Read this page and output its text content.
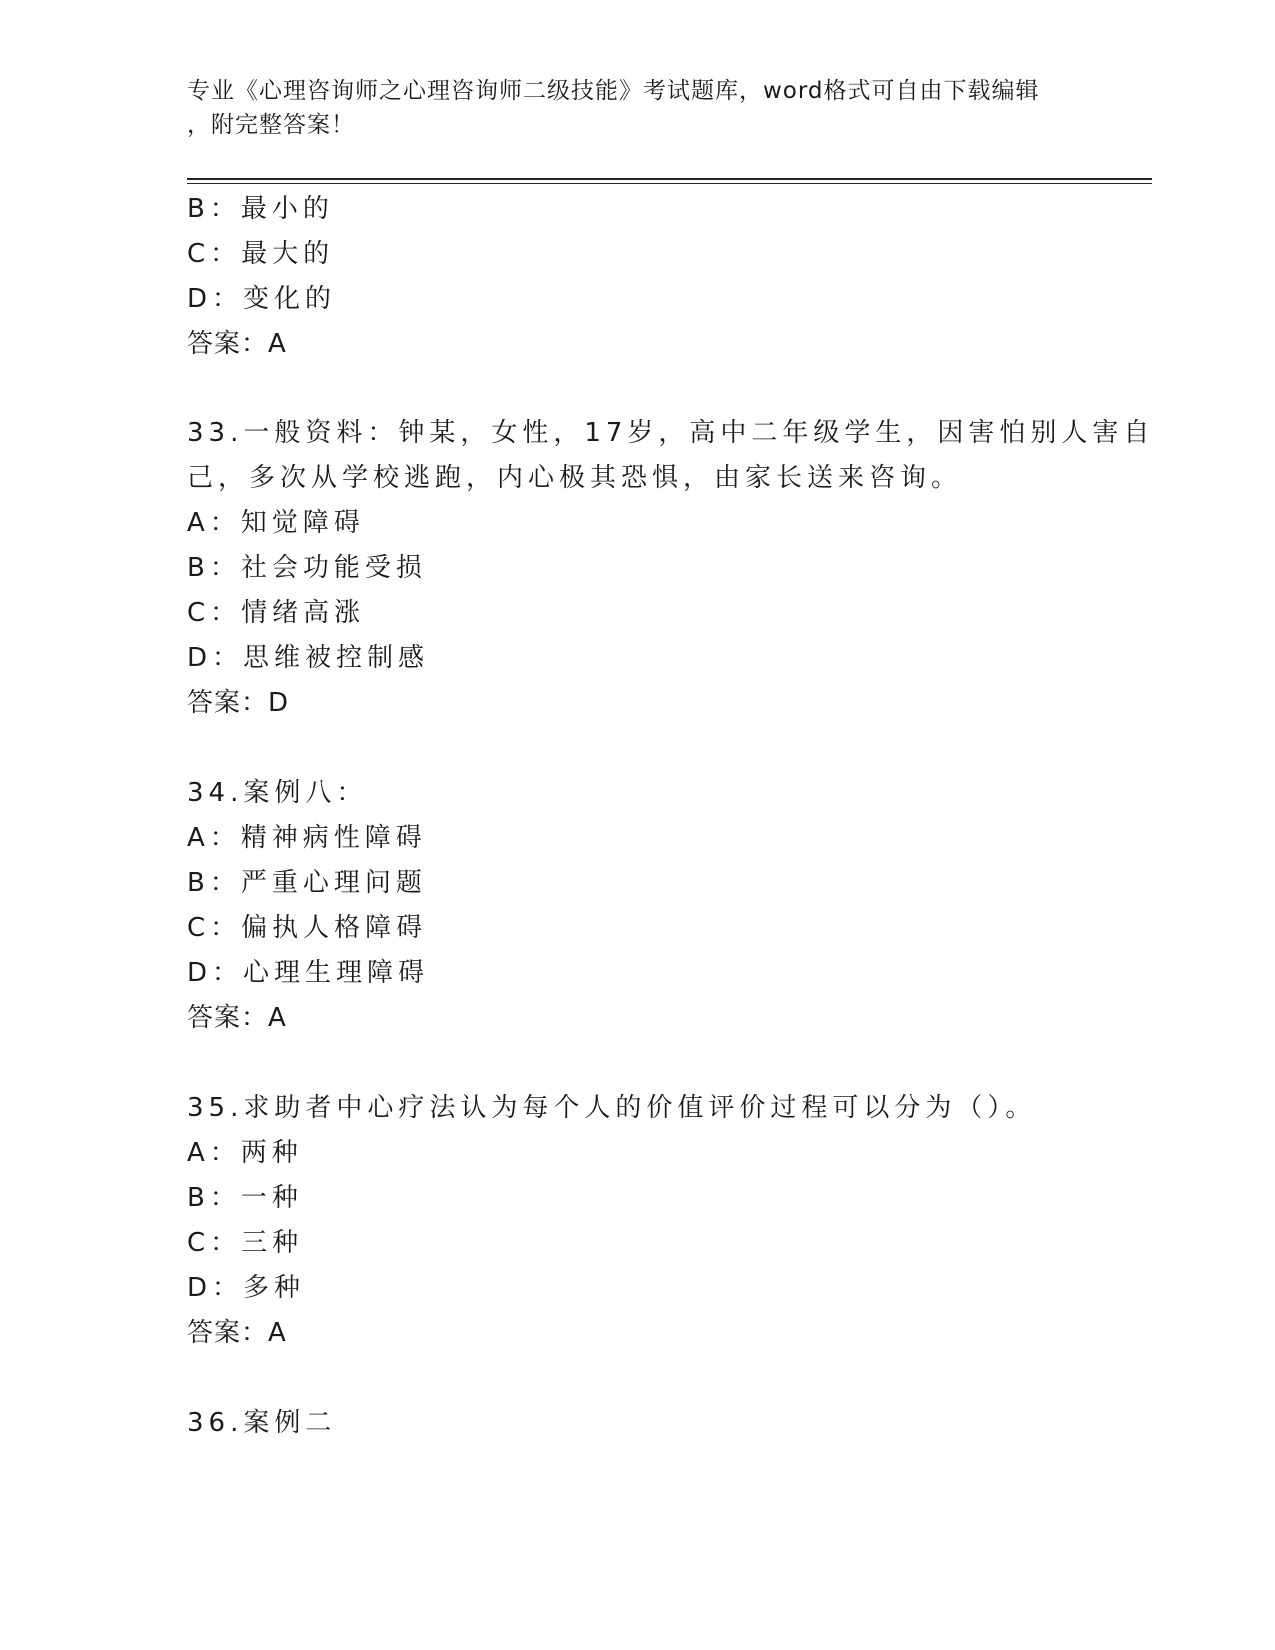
专业《心理咨询师之心理咨询师二级技能》考试题库，word格式可自由下载编辑
，附完整答案！
B：最小的
C：最大的
D：变化的
答案：A
33.一般资料：钟某，女性，17岁，高中二年级学生，因害怕别人害自
己，多次从学校逃跑，内心极其恐惧，由家长送来咨询。
A：知觉障碍
B：社会功能受损
C：情绪高涨
D：思维被控制感
答案：D
34.案例八：
A：精神病性障碍
B：严重心理问题
C：偏执人格障碍
D：心理生理障碍
答案：A
35.求助者中心疗法认为每个人的价值评价过程可以分为（）。
A：两种
B：一种
C：三种
D：多种
答案：A
36.案例二
